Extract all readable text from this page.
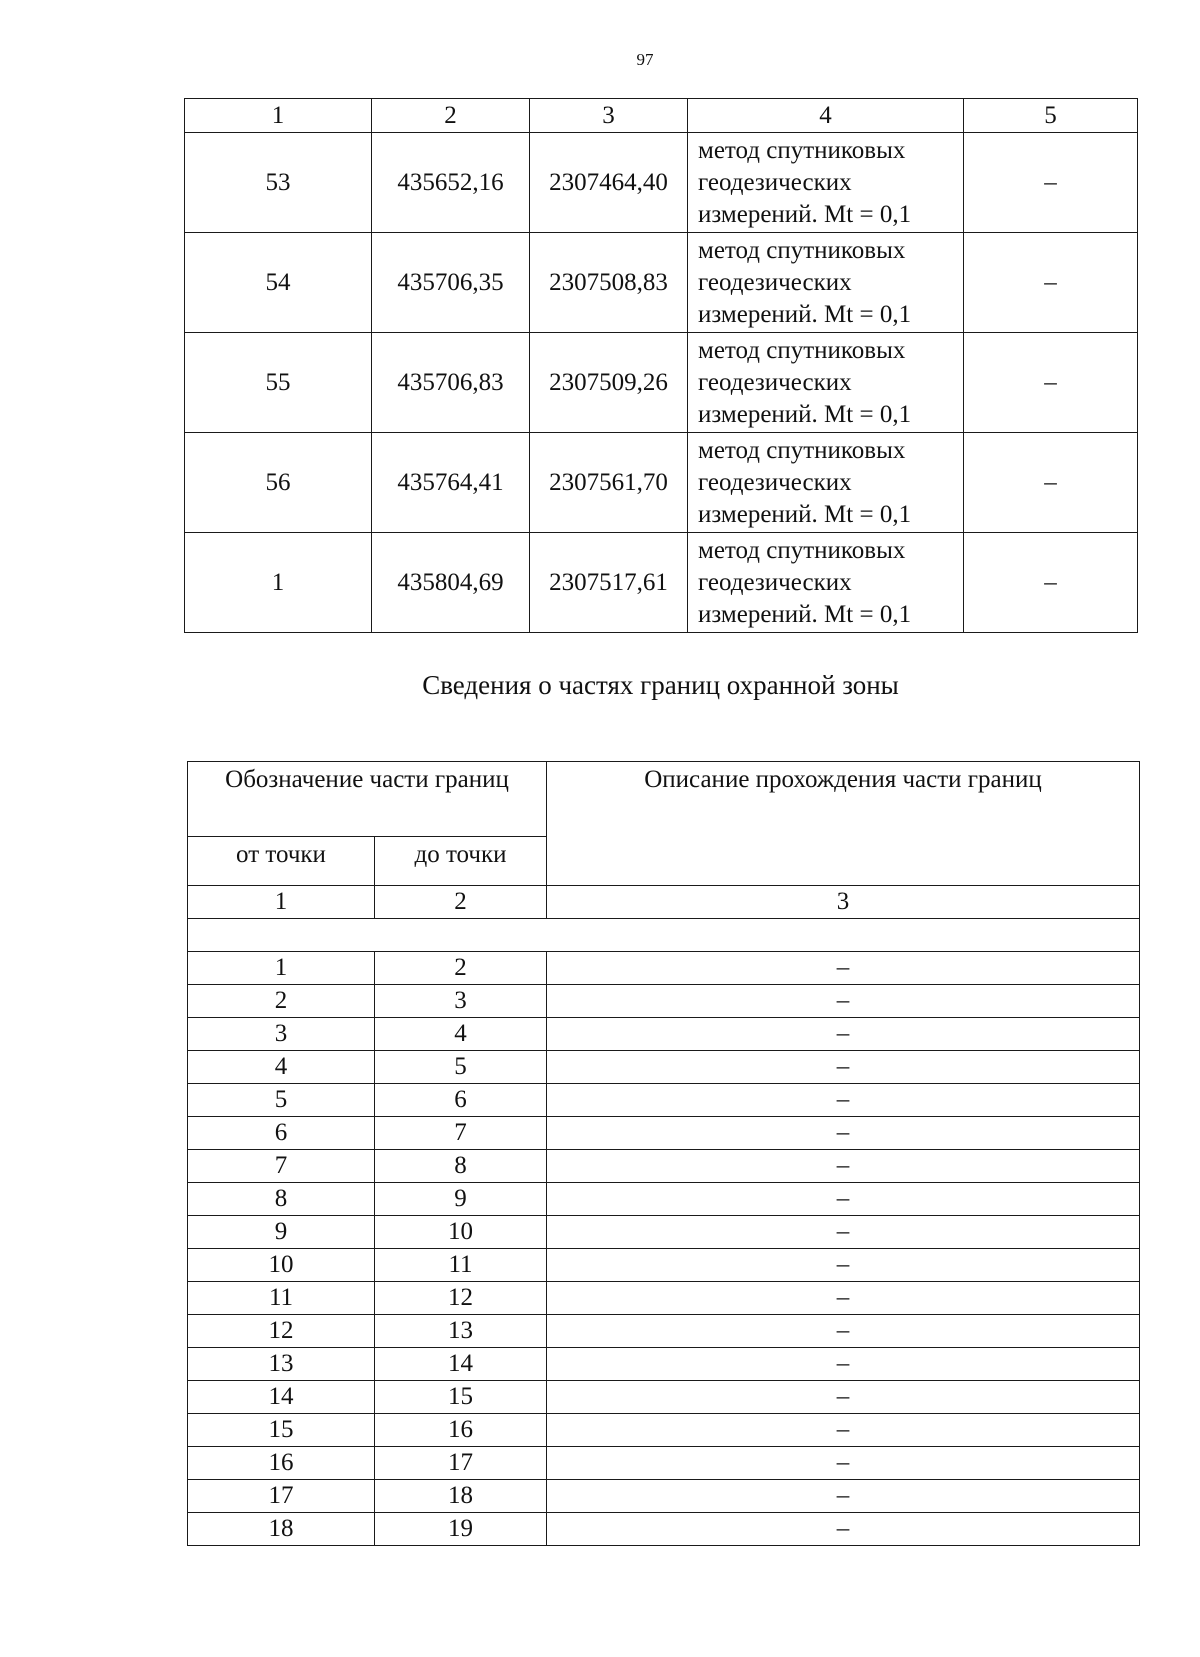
97
1	2	3	4	5
53	435652,16	2307464,40	метод спутниковых геодезических измерений. Mt = 0,1	–
54	435706,35	2307508,83	метод спутниковых геодезических измерений. Mt = 0,1	–
55	435706,83	2307509,26	метод спутниковых геодезических измерений. Mt = 0,1	–
56	435764,41	2307561,70	метод спутниковых геодезических измерений. Mt = 0,1	–
1	435804,69	2307517,61	метод спутниковых геодезических измерений. Mt = 0,1	–
Сведения о частях границ охранной зоны
Обозначение части границ		Описание прохождения части границ
от точки	до точки	
1	2	3

1	2	–
2	3	–
3	4	–
4	5	–
5	6	–
6	7	–
7	8	–
8	9	–
9	10	–
10	11	–
11	12	–
12	13	–
13	14	–
14	15	–
15	16	–
16	17	–
17	18	–
18	19	–
